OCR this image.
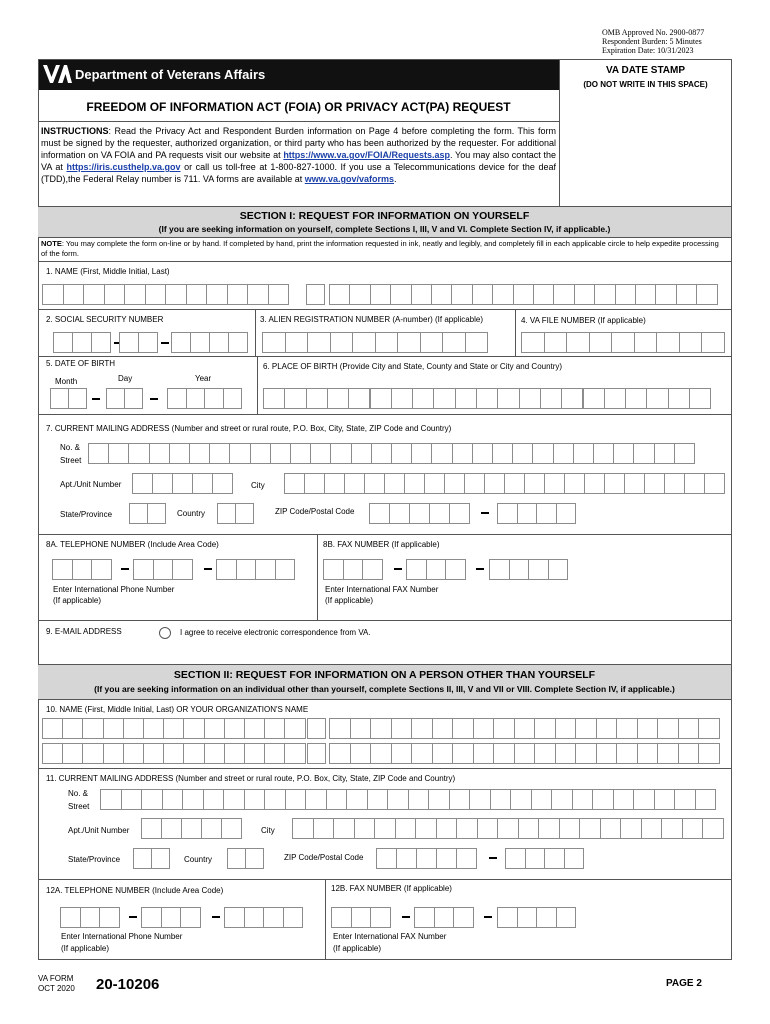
OMB Approved No. 2900-0877
Respondent Burden: 5 Minutes
Expiration Date: 10/31/2023
Department of Veterans Affairs	VA DATE STAMP
(DO NOT WRITE IN THIS SPACE)
FREEDOM OF INFORMATION ACT (FOIA) OR PRIVACY ACT(PA) REQUEST
INSTRUCTIONS: Read the Privacy Act and Respondent Burden information on Page 4 before completing the form. This form must be signed by the requester, authorized organization, or third party who has been authorized by the requester. For additional information on VA FOIA and PA requests visit our website at https://www.va.gov/FOIA/Requests.asp. You may also contact the VA at https://iris.custhelp.va.gov or call us toll-free at 1-800-827-1000. If you use a Telecommunications device for the deaf (TDD),the Federal Relay number is 711. VA forms are available at www.va.gov/vaforms.
SECTION I: REQUEST FOR INFORMATION ON YOURSELF
(If you are seeking information on yourself, complete Sections I, III, V and VI. Complete Section IV, if applicable.)
NOTE: You may complete the form on-line or by hand. If completed by hand, print the information requested in ink, neatly and legibly, and completely fill in each applicable circle to help expedite processing of the form.
1. NAME (First, Middle Initial, Last)
2. SOCIAL SECURITY NUMBER	3. ALIEN REGISTRATION NUMBER (A-number) (If applicable)	4. VA FILE NUMBER (If applicable)
5. DATE OF BIRTH
Day	Year
Month
6. PLACE OF BIRTH (Provide City and State, County and State or City and Country)
7. CURRENT MAILING ADDRESS (Number and street or rural route, P.O. Box, City, State, ZIP Code and Country)
No. &
Street
Apt./Unit Number	City
State/Province	Country	ZIP Code/Postal Code
8A. TELEPHONE NUMBER (Include Area Code)	8B. FAX NUMBER (If applicable)
Enter International Phone Number
(If applicable)
Enter International FAX Number
(If applicable)
9. E-MAIL ADDRESS	I agree to receive electronic correspondence from VA.
SECTION II: REQUEST FOR INFORMATION ON A PERSON OTHER THAN YOURSELF
(If you are seeking information on an individual other than yourself, complete Sections II, III, V and VII or VIII. Complete Section IV, if applicable.)
10. NAME (First, Middle Initial, Last) OR YOUR ORGANIZATION'S NAME
11. CURRENT MAILING ADDRESS (Number and street or rural route, P.O. Box, City, State, ZIP Code and Country)
No. &
Street
Apt./Unit Number	City
State/Province	Country	ZIP Code/Postal Code
12A. TELEPHONE NUMBER (Include Area Code)	12B. FAX NUMBER (If applicable)
Enter International Phone Number
(If applicable)
Enter International FAX Number
(If applicable)
VA FORM
OCT 2020 20-10206	PAGE 2
